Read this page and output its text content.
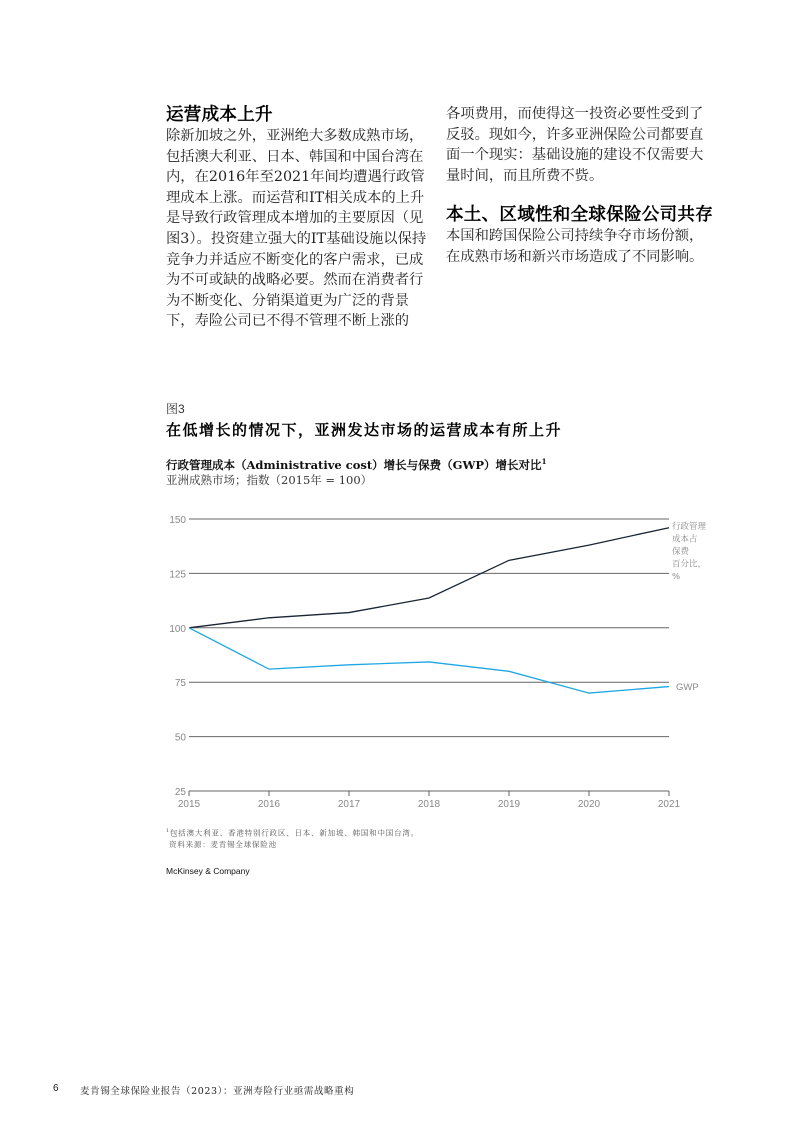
运营成本上升

除新加坡之外，亚洲绝大多数成熟市场，包括澳大利亚、日本、韩国和中国台湾在内，在2016年至2021年间均遭遇行政管理成本上涨。而运营和IT相关成本的上升是导致行政管理成本增加的主要原因（见图3）。投资建立强大的IT基础设施以保持竞争力并适应不断变化的客户需求，已成为不可或缺的战略必要。然而在消费者行为不断变化、分销渠道更为广泛的背景下，寿险公司已不得不管理不断上涨的

各项费用，而使得这一投资必要性受到了反驳。现如今，许多亚洲保险公司都要直面一个现实：基础设施的建设不仅需要大量时间，而且所费不赀。

本土、区域性和全球保险公司共存

本国和跨国保险公司持续争夺市场份额，在成熟市场和新兴市场造成了不同影响。

图3
在低增长的情况下，亚洲发达市场的运营成本有所上升
行政管理成本（Administrative cost）增长与保费（GWP）增长对比$^1$
亚洲成熟市场；指数（2015年 = 100）
25
50
75
100
125
150
2015	2016	2017	2018	2019	2020	2021
行政管理
成本占
保费
百分比，
%
GWP
$^1$包括澳大利亚、香港特别行政区、日本、新加坡、韩国和中国台湾。
资料来源：麦肯锡全球保险池
McKinsey & Company
6 麦肯锡全球保险业报告（2023）：亚洲寿险行业亟需战略重构
